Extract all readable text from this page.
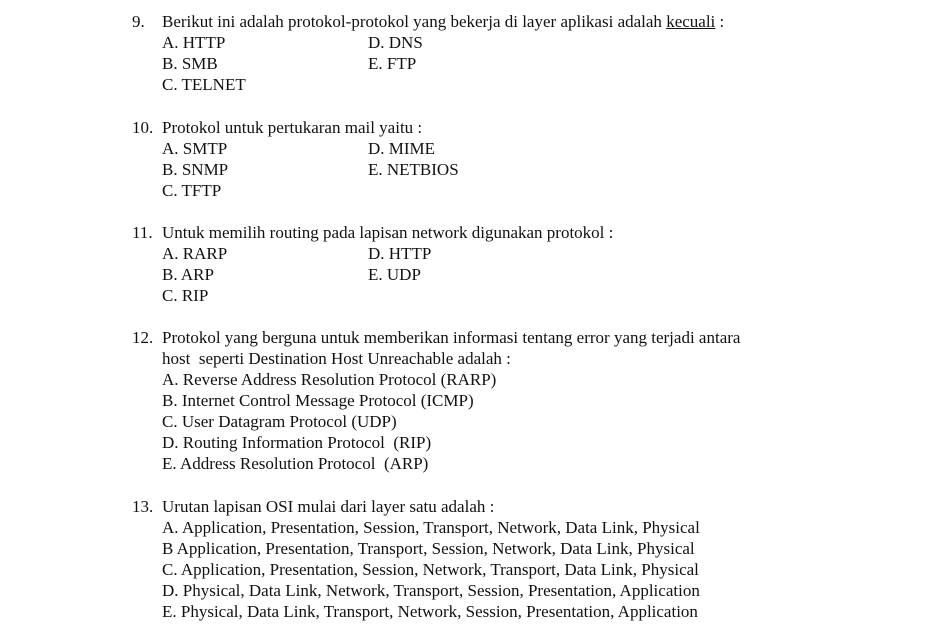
9.	Berikut ini adalah protokol-protokol yang bekerja di layer aplikasi adalah kecuali :
A. HTTP	D. DNS
B. SMB	E. FTP
C. TELNET
10. Protokol untuk pertukaran mail yaitu :
A. SMTP	D. MIME
B. SNMP	E. NETBIOS
C. TFTP
11. Untuk memilih routing pada lapisan network digunakan protokol :
A. RARP	D. HTTP
B. ARP	E. UDP
C. RIP
12. Protokol yang berguna untuk memberikan informasi tentang error yang terjadi antara
host  seperti Destination Host Unreachable adalah :
A. Reverse Address Resolution Protocol (RARP)
B. Internet Control Message Protocol (ICMP)
C. User Datagram Protocol (UDP)
D. Routing Information Protocol  (RIP)
E. Address Resolution Protocol  (ARP)
13. Urutan lapisan OSI mulai dari layer satu adalah :
A. Application, Presentation, Session, Transport, Network, Data Link, Physical
B Application, Presentation, Transport, Session, Network, Data Link, Physical
C. Application, Presentation, Session, Network, Transport, Data Link, Physical
D. Physical, Data Link, Network, Transport, Session, Presentation, Application
E. Physical, Data Link, Transport, Network, Session, Presentation, Application
